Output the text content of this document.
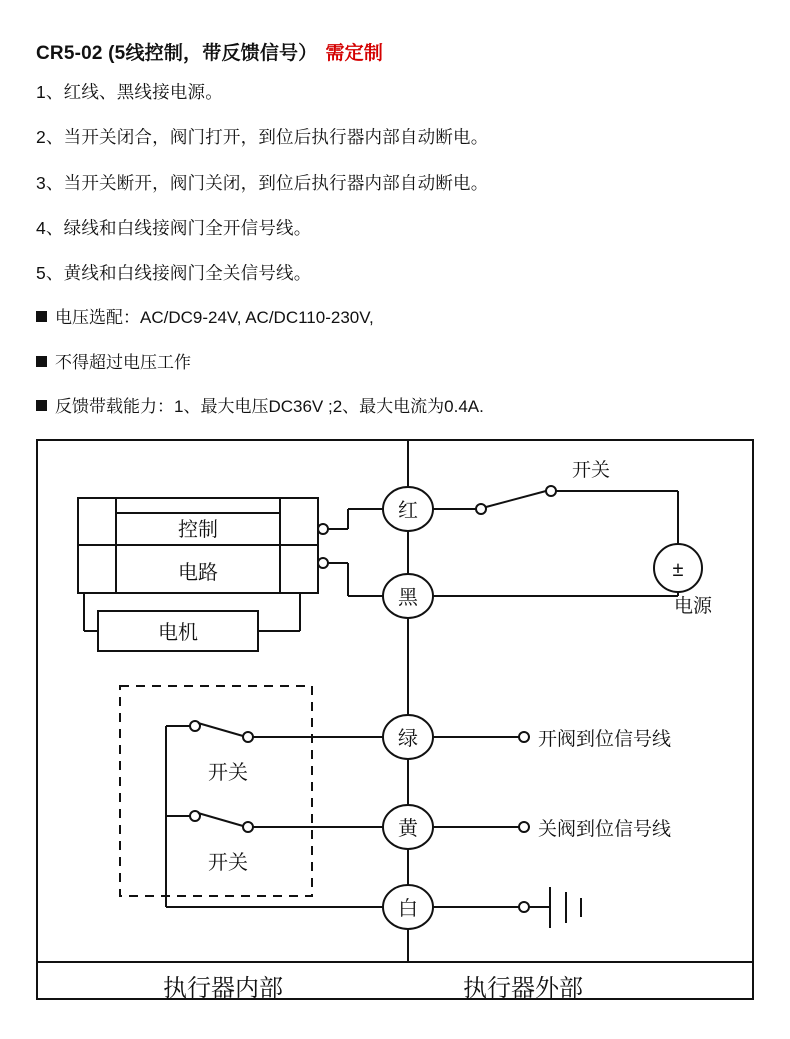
CR5-02 (5线控制，带反馈信号） 需定制

1、红线、黑线接电源。

2、当开关闭合，阀门打开，到位后执行器内部自动断电。

3、当开关断开，阀门关闭，到位后执行器内部自动断电。

4、绿线和白线接阀门全开信号线。

5、黄线和白线接阀门全关信号线。

电压选配：AC/DC9-24V, AC/DC110-230V,
不得超过电压工作
反馈带载能力：1、最大电压DC36V ;2、最大电流为0.4A.
控制
电路
电机
开关
开关
红
黑
绿
黄
白
±
开关
电源
开阀到位信号线
关阀到位信号线
执行器内部	执行器外部
